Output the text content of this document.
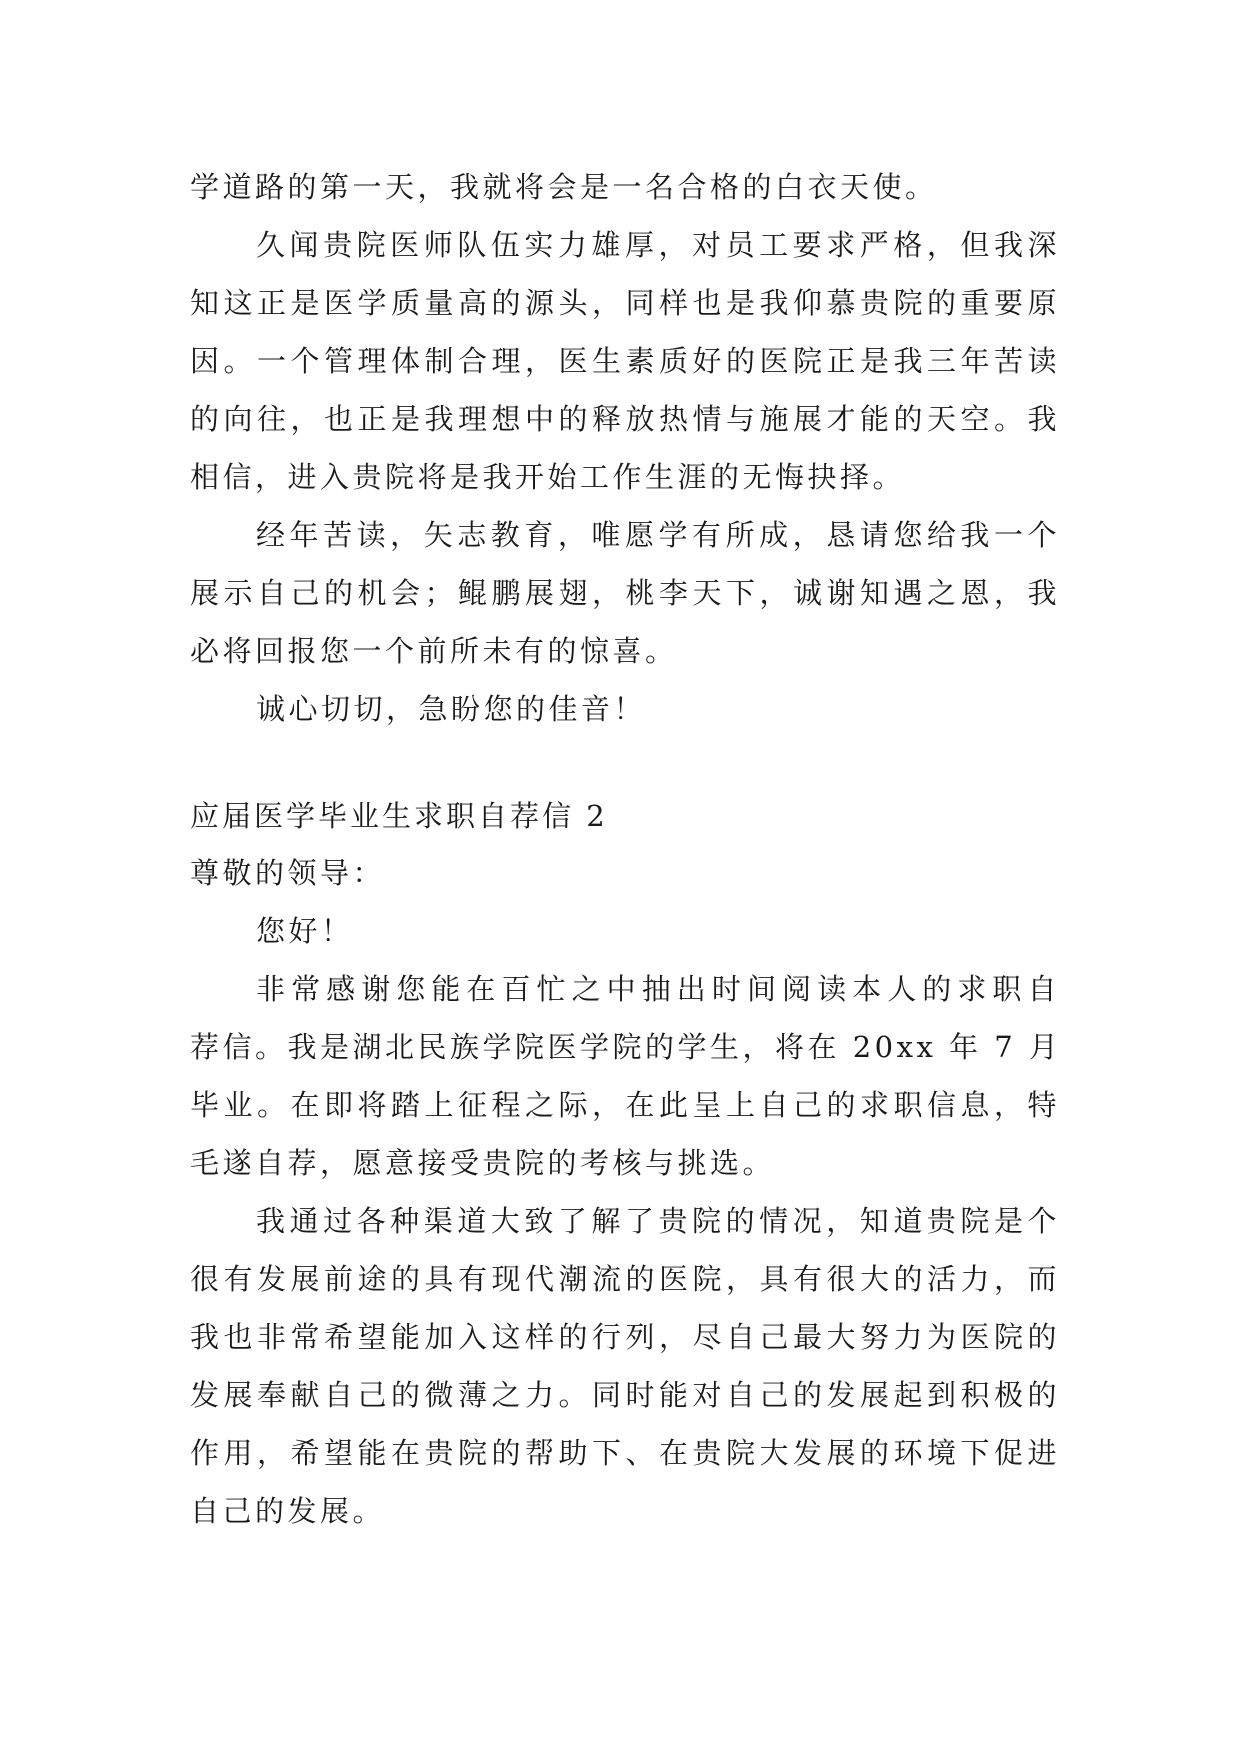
学道路的第一天，我就将会是一名合格的白衣天使。
久闻贵院医师队伍实力雄厚，对员工要求严格，但我深
知这正是医学质量高的源头，同样也是我仰慕贵院的重要原
因。一个管理体制合理，医生素质好的医院正是我三年苦读
的向往，也正是我理想中的释放热情与施展才能的天空。我
相信，进入贵院将是我开始工作生涯的无悔抉择。
经年苦读，矢志教育，唯愿学有所成，恳请您给我一个
展示自己的机会；鲲鹏展翅，桃李天下，诚谢知遇之恩，我
必将回报您一个前所未有的惊喜。
诚心切切，急盼您的佳音！
应届医学毕业生求职自荐信 2
尊敬的领导：
您好！
非常感谢您能在百忙之中抽出时间阅读本人的求职自
荐信。我是湖北民族学院医学院的学生，将在 20xx 年 7 月
毕业。在即将踏上征程之际，在此呈上自己的求职信息，特
毛遂自荐，愿意接受贵院的考核与挑选。
我通过各种渠道大致了解了贵院的情况，知道贵院是个
很有发展前途的具有现代潮流的医院，具有很大的活力，而
我也非常希望能加入这样的行列，尽自己最大努力为医院的
发展奉献自己的微薄之力。同时能对自己的发展起到积极的
作用，希望能在贵院的帮助下、在贵院大发展的环境下促进
自己的发展。
